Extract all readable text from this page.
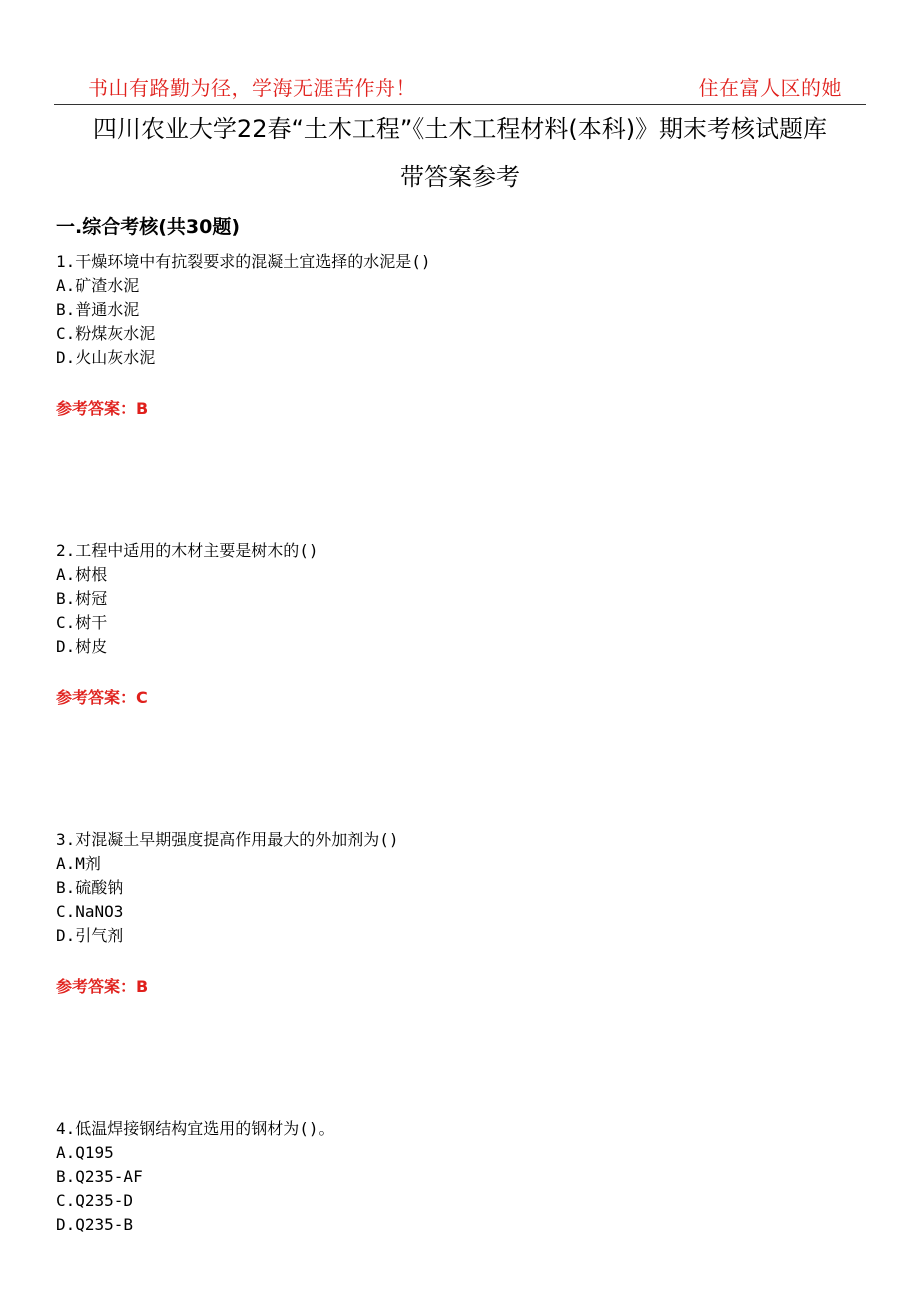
书山有路勤为径，学海无涯苦作舟！	住在富人区的她
四川农业大学22春“土木工程”《土木工程材料(本科)》期末考核试题库
带答案参考
一.综合考核(共30题)
1.干燥环境中有抗裂要求的混凝土宜选择的水泥是()
A.矿渣水泥
B.普通水泥
C.粉煤灰水泥
D.火山灰水泥
参考答案：B
2.工程中适用的木材主要是树木的()
A.树根
B.树冠
C.树干
D.树皮
参考答案：C
3.对混凝土早期强度提高作用最大的外加剂为()
A.M剂
B.硫酸钠
C.NaNO3
D.引气剂
参考答案：B
4.低温焊接钢结构宜选用的钢材为()。
A.Q195
B.Q235-AF
C.Q235-D
D.Q235-B
